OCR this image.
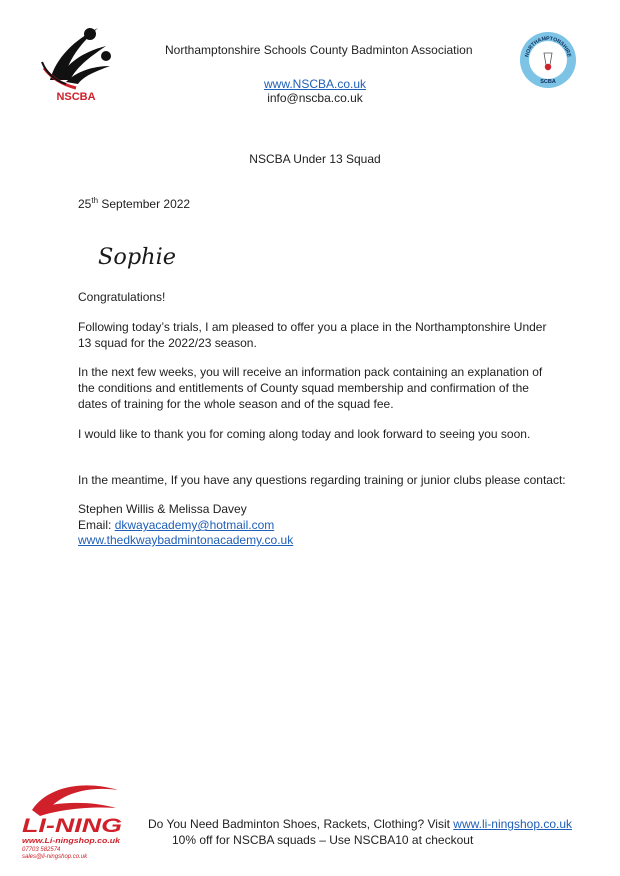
NSCBA
Northamptonshire Schools County Badminton Association
www.NSCBA.co.uk
info@nscba.co.uk
NORTHAMPTONSHIRE
SCBA
NSCBA Under 13 Squad
25th September 2022
Sophie
Congratulations!
Following today’s trials, I am pleased to offer you a place in the Northamptonshire Under 13 squad for the 2022/23 season.
In the next few weeks, you will receive an information pack containing an explanation of the conditions and entitlements of County squad membership and confirmation of the dates of training for the whole season and of the squad fee.
I would like to thank you for coming along today and look forward to seeing you soon.
In the meantime, If you have any questions regarding training or junior clubs please contact:
Stephen Willis & Melissa Davey
Email: dkwayacademy@hotmail.com
www.thedkwaybadmintonacademy.co.uk
LI-NING
www.Li-ningshop.co.uk
07703 582574
sales@li-ningshop.co.uk
Do You Need Badminton Shoes, Rackets, Clothing? Visit www.li-ningshop.co.uk
10% off for NSCBA squads – Use NSCBA10 at checkout
